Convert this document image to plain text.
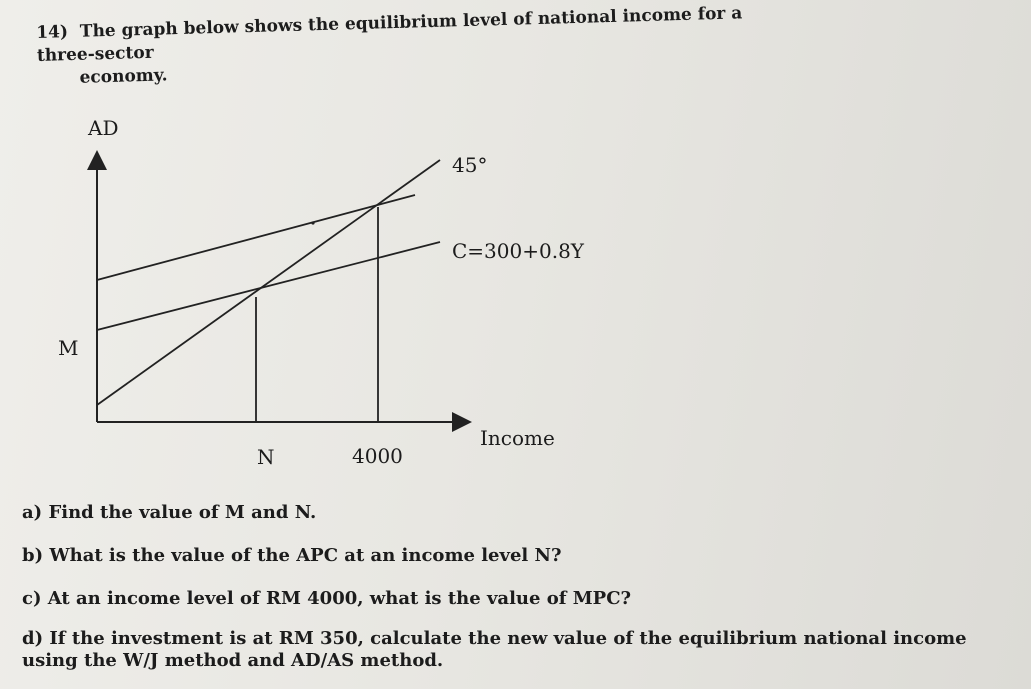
14) The graph below shows the equilibrium level of national income for a three-sector
economy.
AD
Income
45°
C=300+0.8Y
M
N	4000
a) Find the value of M and N.
b) What is the value of the APC at an income level N?
c) At an income level of RM 4000, what is the value of MPC?
d) If the investment is at RM 350, calculate the new value of the equilibrium national income
using the W/J method and AD/AS method.
